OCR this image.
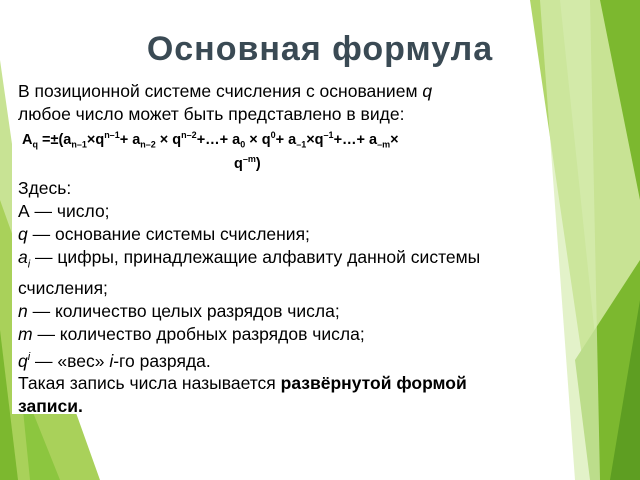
Основная формула
В позиционной системе счисления с основанием q
любое число может быть представлено в виде:
$A_q =\pm(a_{n-1}\times q^{n-1}+ a_{n-2}$ × $q^{n-2}+\dots+ a_0 \times q^0+$ $a_{-1}\times q^{-1}+\dots+ a_{-m}\times$
$q^{-m}$)
Здесь:
А — число;
q — основание системы счисления;
$a_i$ — цифры, принадлежащие алфавиту данной системы счисления;
n — количество целых разрядов числа;
m — количество дробных разрядов числа;
$q^i$ — «вес» i-го разряда.
Такая запись числа называется развёрнутой формой записи.
